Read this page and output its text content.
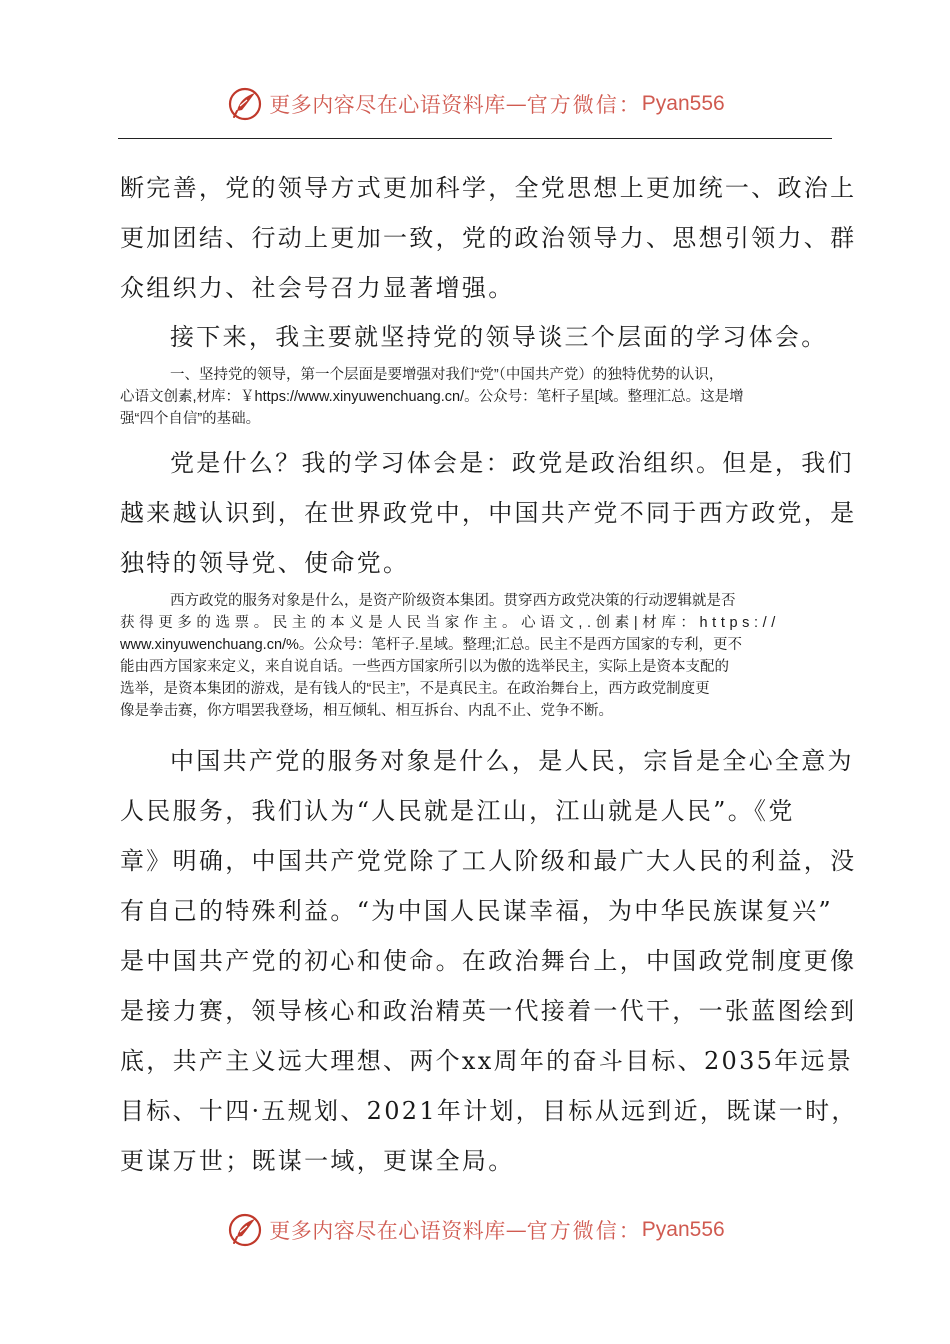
更多内容尽在心语资料库 — 官方微信： Pyan556
断完善，党的领导方式更加科学，全党思想上更加统一、政治上
更加团结、行动上更加一致，党的政治领导力、思想引领力、群
众组织力、社会号召力显著增强。
接下来，我主要就坚持党的领导谈三个层面的学习体会。
一、坚持党的领导，第一个层面是要增强对我们“党”（中国共产党）的独特优势的认识，
心语文创素,材库：￥https://www.xinyuwenchuang.cn/。公众号：笔杆子星[域。整理汇总。这是增
强“四个自信”的基础。
党是什么？我的学习体会是：政党是政治组织。但是，我们
越来越认识到，在世界政党中，中国共产党不同于西方政党，是
独特的领导党、使命党。
西方政党的服务对象是什么，是资产阶级资本集团。贯穿西方政党决策的行动逻辑就是否
获得更多的选票。民主的本义是人民当家作主。心语文,.创素|材库：https://
www.xinyuwenchuang.cn/%。公众号：笔杆子.星域。整理;汇总。民主不是西方国家的专利，更不
能由西方国家来定义，来自说自话。一些西方国家所引以为傲的选举民主，实际上是资本支配的
选举，是资本集团的游戏，是有钱人的“民主”，不是真民主。在政治舞台上，西方政党制度更
像是拳击赛，你方唱罢我登场，相互倾轧、相互拆台、内乱不止、党争不断。
中国共产党的服务对象是什么，是人民，宗旨是全心全意为
人民服务，我们认为“人民就是江山，江山就是人民”。《党
章》明确，中国共产党党除了工人阶级和最广大人民的利益，没
有自己的特殊利益。“为中国人民谋幸福，为中华民族谋复兴”
是中国共产党的初心和使命。在政治舞台上，中国政党制度更像
是接力赛，领导核心和政治精英一代接着一代干，一张蓝图绘到
底，共产主义远大理想、两个xx周年的奋斗目标、2035年远景
目标、十四·五规划、2021年计划，目标从远到近，既谋一时，
更谋万世；既谋一域，更谋全局。
更多内容尽在心语资料库 — 官方微信： Pyan556
